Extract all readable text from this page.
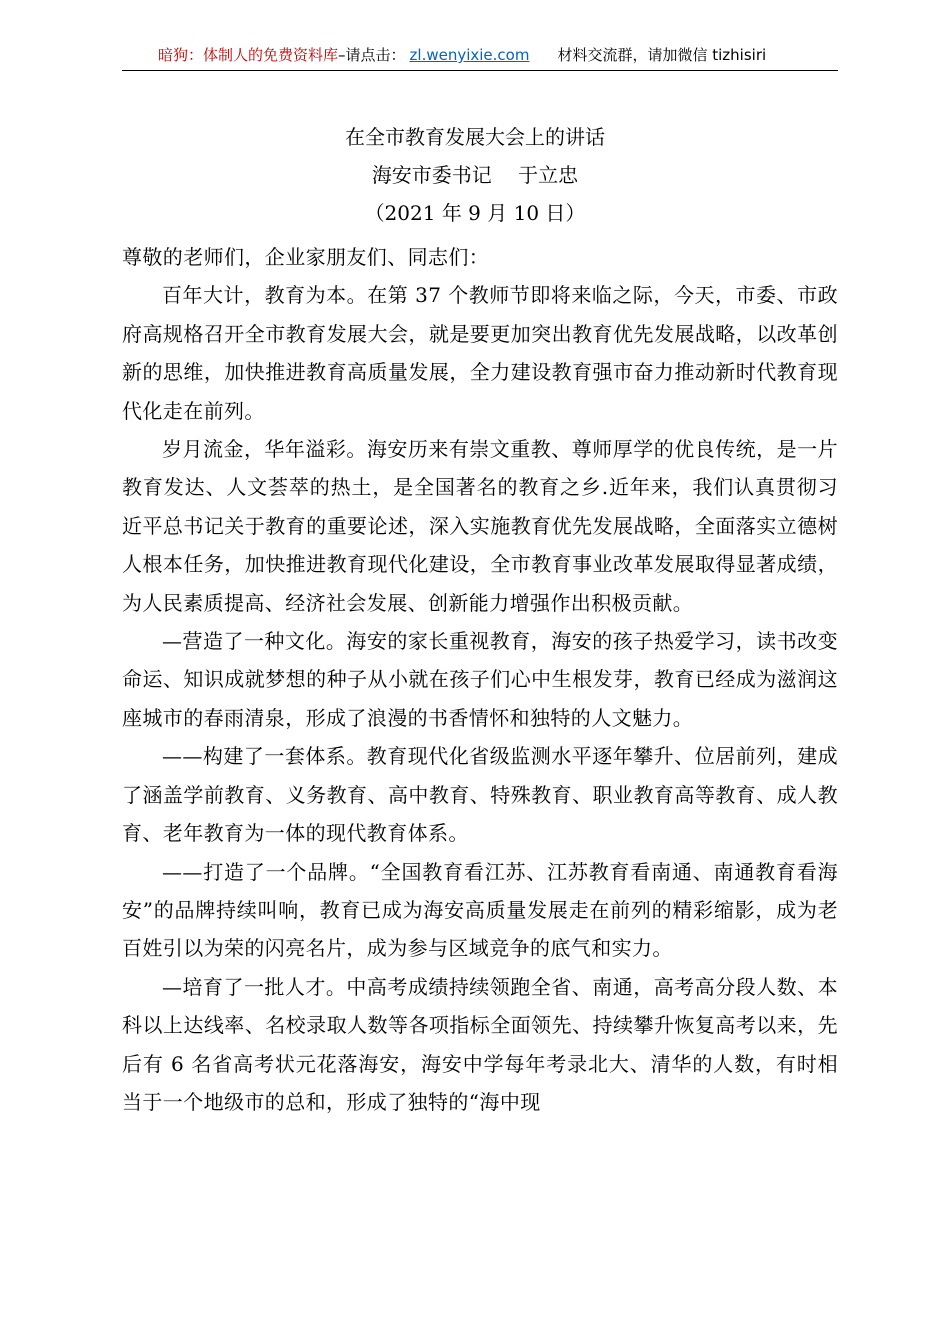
暗狗：体制人的免费资料库–请点击： zl.wenyixie.com 材料交流群，请加微信 tizhisiri
在全市教育发展大会上的讲话
海安市委书记　 于立忠
（2021 年 9 月 10 日）

尊敬的老师们，企业家朋友们、同志们：

百年大计，教育为本。在第 37 个教师节即将来临之际，今天，市委、市政府高规格召开全市教育发展大会，就是要更加突出教育优先发展战略，以改革创新的思维，加快推进教育高质量发展，全力建设教育强市奋力推动新时代教育现代化走在前列。

岁月流金，华年溢彩。海安历来有崇文重教、尊师厚学的优良传统，是一片教育发达、人文荟萃的热土，是全国著名的教育之乡.近年来，我们认真贯彻习近平总书记关于教育的重要论述，深入实施教育优先发展战略，全面落实立德树人根本任务，加快推进教育现代化建设，全市教育事业改革发展取得显著成绩，为人民素质提高、经济社会发展、创新能力增强作出积极贡献。

—营造了一种文化。海安的家长重视教育，海安的孩子热爱学习，读书改变命运、知识成就梦想的种子从小就在孩子们心中生根发芽，教育已经成为滋润这座城市的春雨清泉，形成了浪漫的书香情怀和独特的人文魅力。

——构建了一套体系。教育现代化省级监测水平逐年攀升、位居前列，建成了涵盖学前教育、义务教育、高中教育、特殊教育、职业教育高等教育、成人教育、老年教育为一体的现代教育体系。

——打造了一个品牌。“全国教育看江苏、江苏教育看南通、南通教育看海安”的品牌持续叫响，教育已成为海安高质量发展走在前列的精彩缩影，成为老百姓引以为荣的闪亮名片，成为参与区域竞争的底气和实力。

—培育了一批人才。中高考成绩持续领跑全省、南通，高考高分段人数、本科以上达线率、名校录取人数等各项指标全面领先、持续攀升恢复高考以来，先后有 6 名省高考状元花落海安，海安中学每年考录北大、清华的人数，有时相当于一个地级市的总和，形成了独特的“海中现
